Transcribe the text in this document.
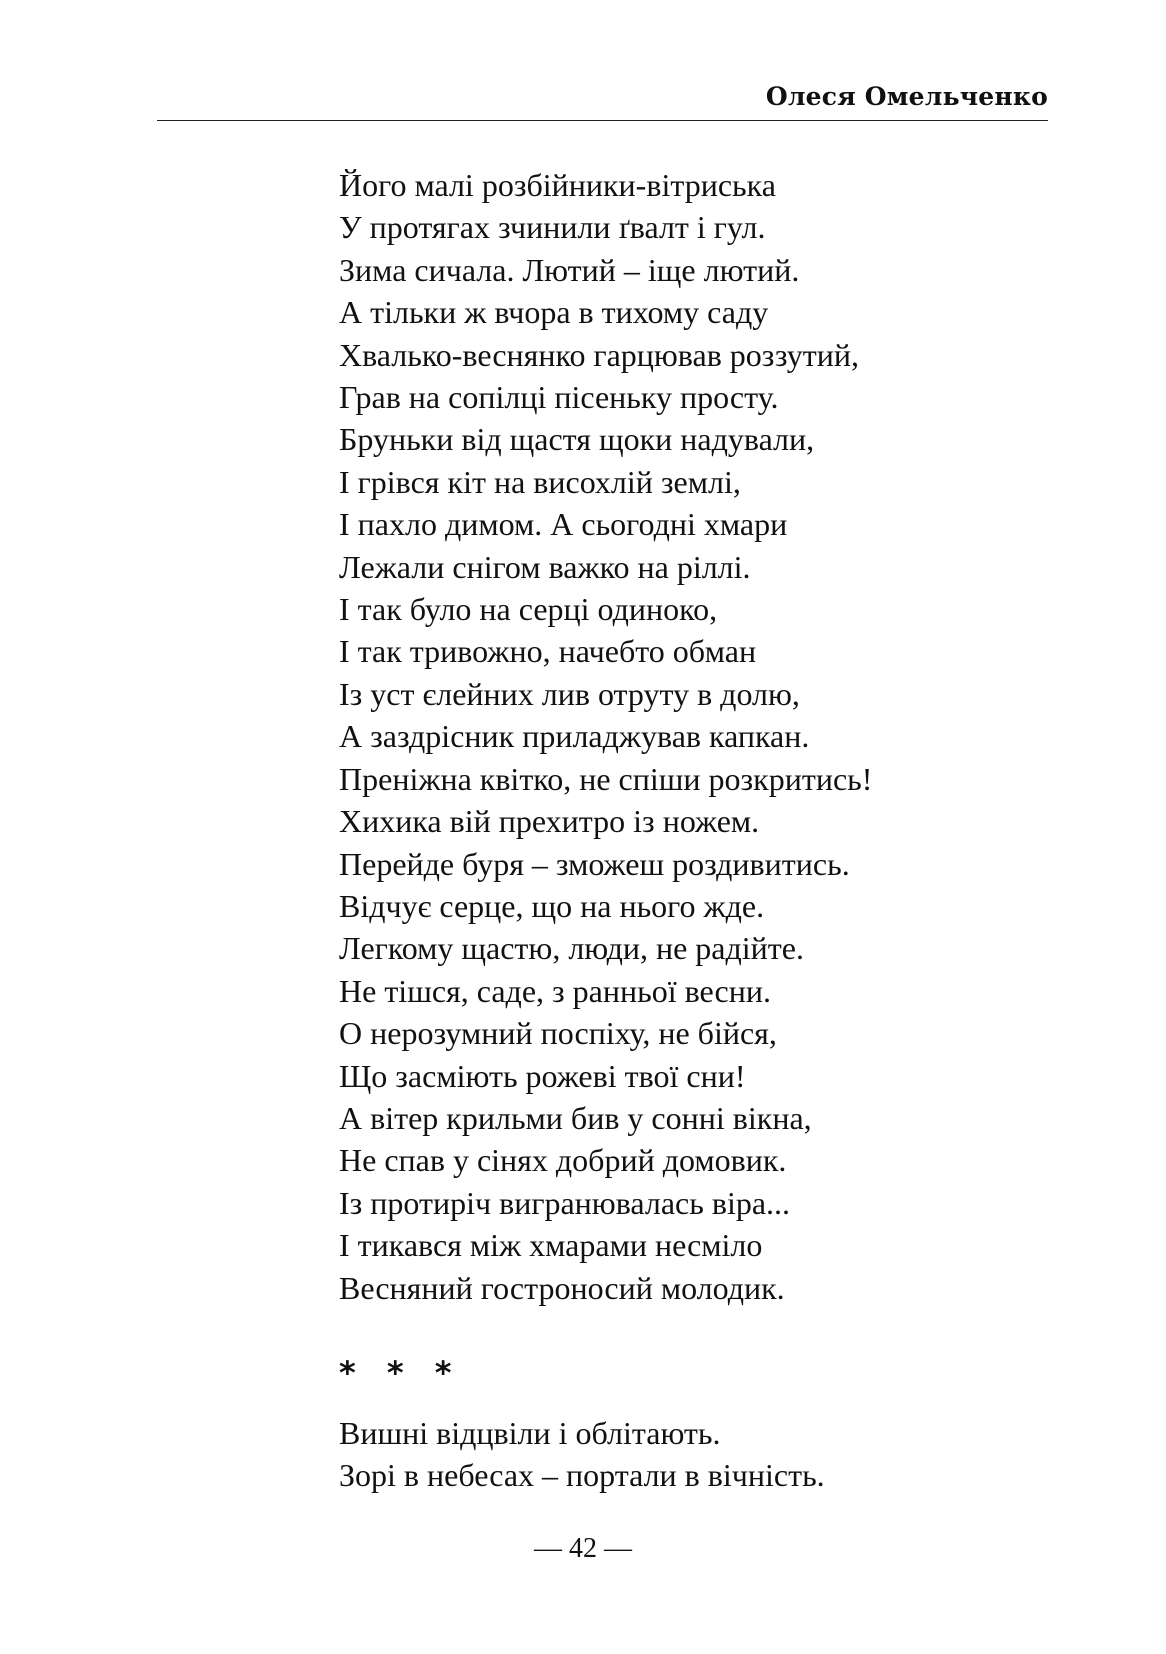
Олеся Омельченко
Його малі розбійники-вітриська
У протягах зчинили ґвалт і гул.
Зима сичала. Лютий – іще лютий.
А тільки ж вчора в тихому саду
Хвалько-веснянко гарцював роззутий,
Грав на сопілці пісеньку просту.
Бруньки від щастя щоки надували,
І грівся кіт на висохлій землі,
І пахло димом. А сьогодні хмари
Лежали снігом важко на ріллі.
І так було на серці одиноко,
І так тривожно, начебто обман
Із уст єлейних лив отруту в долю,
А заздрісник приладжував капкан.
Преніжна квітко, не спіши розкритись!
Хихика вій прехитро із ножем.
Перейде буря – зможеш роздивитись.
Відчує серце, що на нього жде.
Легкому щастю, люди, не радійте.
Не тішся, саде, з ранньої весни.
О нерозумний поспіху, не бійся,
Що засміють рожеві твої сни!
А вітер крильми бив у сонні вікна,
Не спав у сінях добрий домовик.
Із протиріч вигранювалась віра...
І тикався між хмарами несміло
Весняний гостроносий молодик.
* * *
Вишні відцвіли і облітають.
Зорі в небесах – портали в вічність.
— 42 —
